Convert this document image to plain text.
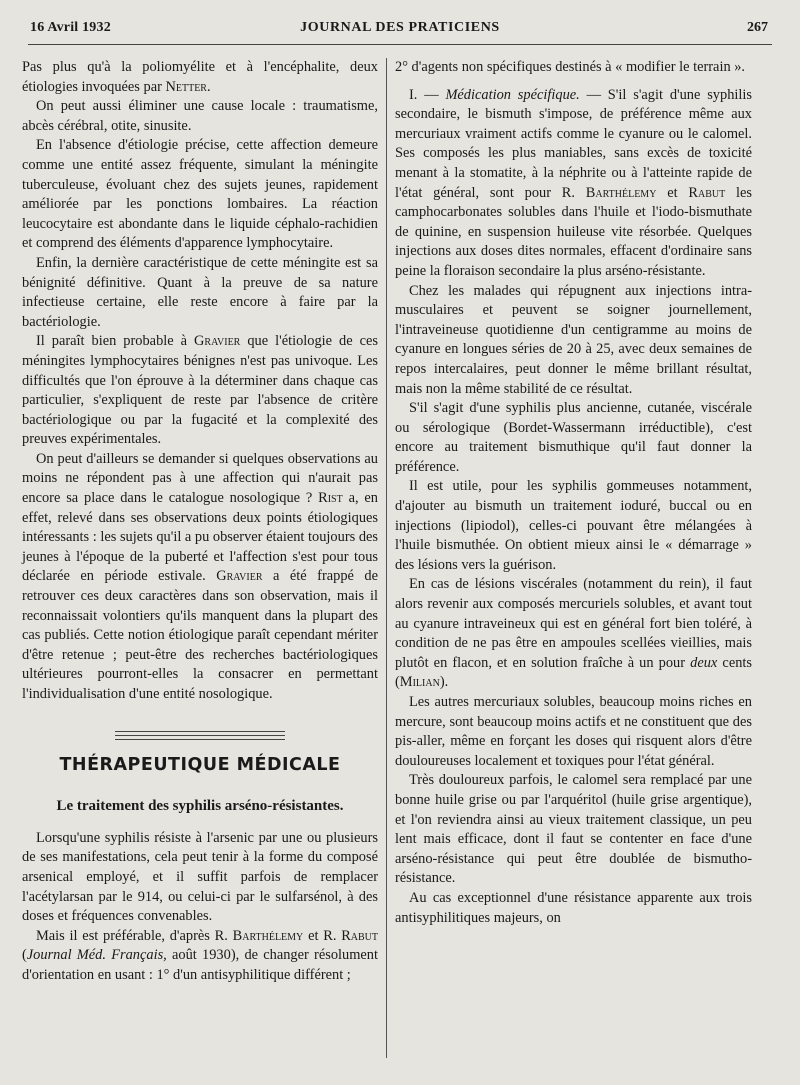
16 Avril 1932	JOURNAL DES PRATICIENS	267

Pas plus qu'à la poliomyélite et à l'encéphalite, deux étiologies invoquées par Netter.

On peut aussi éliminer une cause locale : traumatisme, abcès cérébral, otite, sinusite.

En l'absence d'étiologie précise, cette affection demeure comme une entité assez fréquente, simulant la méningite tuberculeuse, évoluant chez des sujets jeunes, rapidement améliorée par les ponctions lombaires. La réaction leucocytaire est abondante dans le liquide céphalo-rachidien et comprend des éléments d'apparence lymphocytaire.

Enfin, la dernière caractéristique de cette méningite est sa bénignité définitive. Quant à la preuve de sa nature infectieuse certaine, elle reste encore à faire par la bactériologie.

Il paraît bien probable à Gravier que l'étiologie de ces méningites lymphocytaires bénignes n'est pas univoque. Les difficultés que l'on éprouve à la déterminer dans chaque cas particulier, s'expliquent de reste par l'absence de critère bactériologique ou par la fugacité et la complexité des preuves expérimentales.

On peut d'ailleurs se demander si quelques observations au moins ne répondent pas à une affection qui n'aurait pas encore sa place dans le catalogue nosologique ? Rist a, en effet, relevé dans ses observations deux points étiologiques intéressants : les sujets qu'il a pu observer étaient toujours des jeunes à l'époque de la puberté et l'affection s'est pour tous déclarée en période estivale. Gravier a été frappé de retrouver ces deux caractères dans son observation, mais il reconnaissait volontiers qu'ils manquent dans la plupart des cas publiés. Cette notion étiologique paraît cependant mériter d'être retenue ; peut-être des recherches bactériologiques ultérieures pourront-elles la consacrer en permettant l'individualisation d'une entité nosologique.

THÉRAPEUTIQUE MÉDICALE
Le traitement des syphilis arséno-résistantes.

Lorsqu'une syphilis résiste à l'arsenic par une ou plusieurs de ses manifestations, cela peut tenir à la forme du composé arsenical employé, et il suffit parfois de remplacer l'acétylarsan par le 914, ou celui-ci par le sulfarsénol, à des doses et fréquences convenables.

Mais il est préférable, d'après R. Barthélemy et R. Rabut (Journal Méd. Français, août 1930), de changer résolument d'orientation en usant : 1° d'un antisyphilitique différent ;

2° d'agents non spécifiques destinés à « modifier le terrain ».

I. — Médication spécifique. — S'il s'agit d'une syphilis secondaire, le bismuth s'impose, de préférence même aux mercuriaux vraiment actifs comme le cyanure ou le calomel. Ses composés les plus maniables, sans excès de toxicité menant à la stomatite, à la néphrite ou à l'atteinte rapide de l'état général, sont pour R. Barthélemy et Rabut les camphocarbonates solubles dans l'huile et l'iodo-bismuthate de quinine, en suspension huileuse vite résorbée. Quelques injections aux doses dites normales, effacent d'ordinaire sans peine la floraison secondaire la plus arséno-résistante.

Chez les malades qui répugnent aux injections intra-musculaires et peuvent se soigner journellement, l'intraveineuse quotidienne d'un centigramme au moins de cyanure en longues séries de 20 à 25, avec deux semaines de repos intercalaires, peut donner le même brillant résultat, mais non la même stabilité de ce résultat.

S'il s'agit d'une syphilis plus ancienne, cutanée, viscérale ou sérologique (Bordet-Wassermann irréductible), c'est encore au traitement bismuthique qu'il faut donner la préférence.

Il est utile, pour les syphilis gommeuses notamment, d'ajouter au bismuth un traitement ioduré, buccal ou en injections (lipiodol), celles-ci pouvant être mélangées à l'huile bismuthée. On obtient mieux ainsi le « démarrage » des lésions vers la guérison.

En cas de lésions viscérales (notamment du rein), il faut alors revenir aux composés mercuriels solubles, et avant tout au cyanure intraveineux qui est en général fort bien toléré, à condition de ne pas être en ampoules scellées vieillies, mais plutôt en flacon, et en solution fraîche à un pour deux cents (Milian).

Les autres mercuriaux solubles, beaucoup moins riches en mercure, sont beaucoup moins actifs et ne constituent que des pis-aller, même en forçant les doses qui risquent alors d'être douloureuses localement et toxiques pour l'état général.

Très douloureux parfois, le calomel sera remplacé par une bonne huile grise ou par l'arquéritol (huile grise argentique), et l'on reviendra ainsi au vieux traitement classique, un peu lent mais efficace, dont il faut se contenter en face d'une arséno-résistance qui peut être doublée de bismutho-résistance.

Au cas exceptionnel d'une résistance apparente aux trois antisyphilitiques majeurs, on
